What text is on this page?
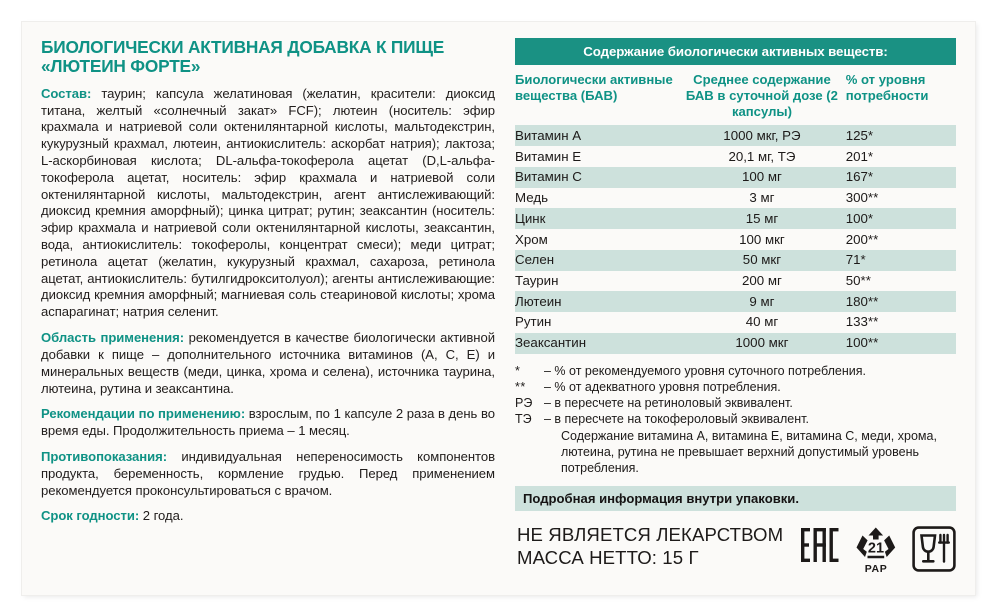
БИОЛОГИЧЕСКИ АКТИВНАЯ ДОБАВКА К ПИЩЕ
«ЛЮТЕИН ФОРТЕ»
Состав: таурин; капсула желатиновая (желатин, красители: диоксид титана, желтый «солнечный закат» FCF); лютеин (носитель: эфир крахмала и натриевой соли октенилянтарной кислоты, мальтодекстрин, кукурузный крахмал, лютеин, антиокислитель: аскорбат натрия); лактоза; L-аскорбиновая кислота; DL-альфа-токоферола ацетат (D,L-альфа-токоферола ацетат, носитель: эфир крахмала и натриевой соли октенилянтарной кислоты, мальтодекстрин, агент антислеживающий: диоксид кремния аморфный); цинка цитрат; рутин; зеаксантин (носитель: эфир крахмала и натриевой соли октенилянтарной кислоты, зеаксантин, вода, антиокислитель: токоферолы, концентрат смеси); меди цитрат; ретинола ацетат (желатин, кукурузный крахмал, сахароза, ретинола ацетат, антиокислитель: бутилгидрокситолуол); агенты антислеживающие: диоксид кремния аморфный; магниевая соль стеариновой кислоты; хрома аспарагинат; натрия селенит.
Область применения: рекомендуется в качестве биологически активной добавки к пище – дополнительного источника витаминов (А, С, Е) и минеральных веществ (меди, цинка, хрома и селена), источника таурина, лютеина, рутина и зеаксантина.
Рекомендации по применению: взрослым, по 1 капсуле 2 раза в день во время еды. Продолжительность приема – 1 месяц.
Противопоказания: индивидуальная непереносимость компонентов продукта, беременность, кормление грудью. Перед применением рекомендуется проконсультироваться с врачом.
Срок годности: 2 года.
Содержание биологически активных веществ:
Биологически активные вещества (БАВ)	Среднее содержание БАВ в суточной дозе (2 капсулы)	% от уровня потребности
Витамин А	1000 мкг, РЭ	125*
Витамин Е	20,1 мг, ТЭ	201*
Витамин С	100 мг	167*
Медь	3 мг	300**
Цинк	15 мг	100*
Хром	100 мкг	200**
Селен	50 мкг	71*
Таурин	200 мг	50**
Лютеин	9 мг	180**
Рутин	40 мг	133**
Зеаксантин	1000 мкг	100**
*	– % от рекомендуемого уровня суточного потребления.
**	– % от адекватного уровня потребления.
РЭ – в пересчете на ретиноловый эквивалент.
ТЭ – в пересчете на токофероловый эквивалент.
Содержание витамина А, витамина Е, витамина С, меди, хрома, лютеина, рутина не превышает верхний допустимый уровень потребления.
Подробная информация внутри упаковки.
НЕ ЯВЛЯЕТСЯ ЛЕКАРСТВОМ
МАССА НЕТТО: 15 Г	21
PAP
